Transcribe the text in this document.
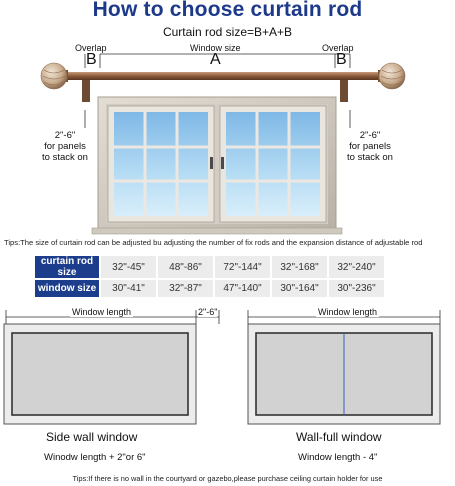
How to choose curtain rod
Curtain rod size=B+A+B
Overlap	Window size	Overlap
B	A	B
2"-6"
for panels
to stack on
2"-6"
for panels
to stack on
Tips:The size of curtain rod can be adjusted bu adjusting the number of fix rods and the expansion distance of adjustable rod
curtain rod size	32"-45"	48"-86"	72"-144"	32"-168"	32"-240"
window size	30"-41"	32"-87"	47"-140"	30"-164"	30"-236"
Window length	2"-6"	Window length
Side wall window
Winodw length + 2"or 6"
Wall-full window
Window length - 4"
Tips:If there is no wall in the courtyard or gazebo,please purchase ceiling curtain holder for use
